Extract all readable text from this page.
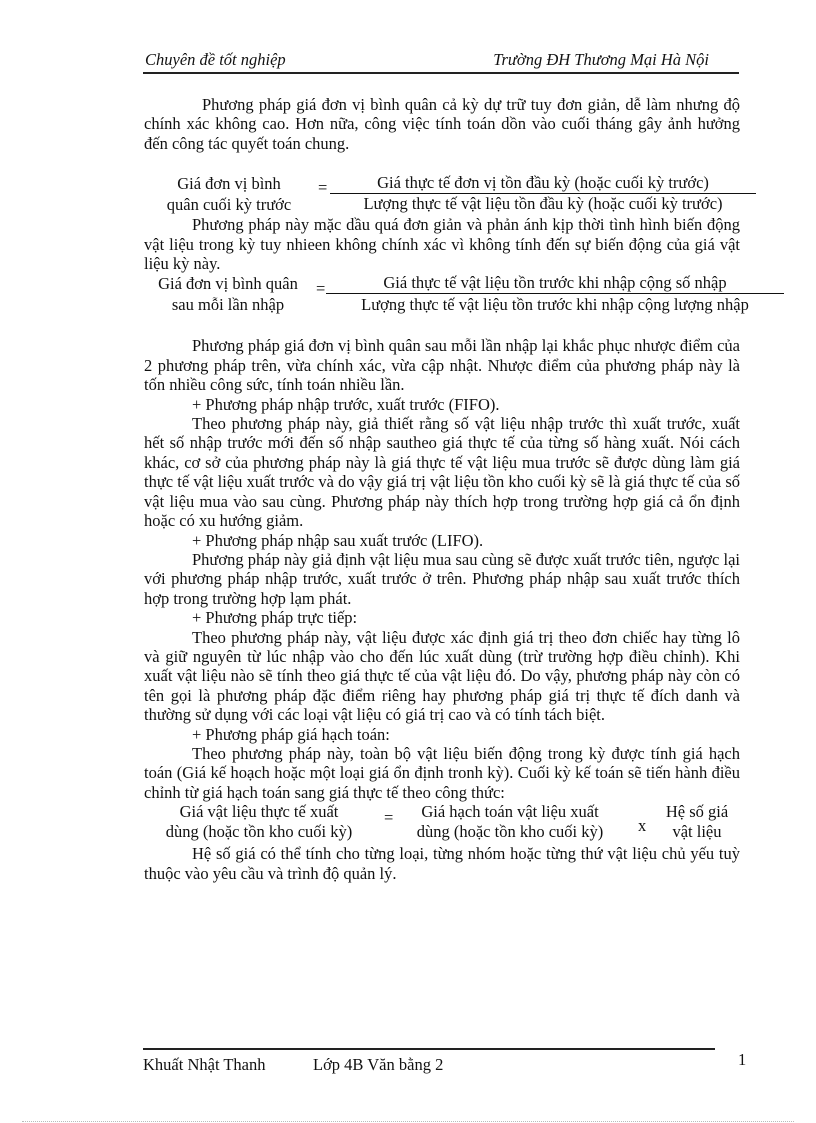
Chuyên đề tốt nghiệp	Trường ĐH Thương Mại Hà Nội

Phương pháp giá đơn vị bình quân cả kỳ dự trữ tuy đơn giản, dễ làm nhưng độ chính xác không cao. Hơn nữa, công việc tính toán dồn vào cuối tháng gây ảnh hưởng đến công tác quyết toán chung.

Giá đơn vị bình
quân cuối kỳ trước
=	Giá thực tế đơn vị tồn đầu kỳ (hoặc cuối kỳ trước)
Lượng thực tế vật liệu tồn đầu kỳ (hoặc cuối kỳ trước)

Phương pháp này mặc dầu quá đơn giản và phản ánh kịp thời tình hình biến động vật liệu trong kỳ tuy nhieen không chính xác vì không tính đến sự biến động của giá vật liệu kỳ này.

Giá đơn vị bình quân
sau mỗi lần nhập
=	Giá thực tế vật liệu tồn trước khi nhập cộng số nhập
Lượng thực tế vật liệu tồn trước khi nhập cộng lượng nhập

Phương pháp giá đơn vị bình quân sau mỗi lần nhập lại khắc phục nhược điểm của 2 phương pháp trên, vừa chính xác, vừa cập nhật. Nhược điểm của phương pháp này là tốn nhiều công sức, tính toán nhiều lần.

+ Phương pháp nhập trước, xuất trước (FIFO).

Theo phương pháp này, giả thiết rằng số vật liệu nhập trước thì xuất trước, xuất hết số nhập trước mới đến số nhập sautheo giá thực tế của từng số hàng xuất. Nói cách khác, cơ sở của phương pháp này là giá thực tế vật liệu mua trước sẽ được dùng làm giá thực tế vật liệu xuất trước và do vậy giá trị vật liệu tồn kho cuối kỳ sẽ là giá thực tế của số vật liệu mua vào sau cùng. Phương pháp này thích hợp trong trường hợp giá cả ổn định hoặc có xu hướng giảm.

+ Phương pháp nhập sau xuất trước (LIFO).

Phương pháp này giả định vật liệu mua sau cùng sẽ được xuất trước tiên, ngược lại với phương pháp nhập trước, xuất trước ở trên. Phương pháp nhập sau xuất trước thích hợp trong trường hợp lạm phát.

+ Phương pháp trực tiếp:

Theo phương pháp này, vật liệu được xác định giá trị theo đơn chiếc hay từng lô và giữ nguyên từ lúc nhập vào cho đến lúc xuất dùng (trừ trường hợp điều chỉnh). Khi xuất vật liệu nào sẽ tính theo giá thực tế của vật liệu đó. Do vậy, phương pháp này còn có tên gọi là phương pháp đặc điểm riêng hay phương pháp giá trị thực tế đích danh và thường sử dụng với các loại vật liệu có giá trị cao và có tính tách biệt.

+ Phương pháp giá hạch toán:

Theo phương pháp này, toàn bộ vật liệu biến động trong kỳ được tính giá hạch toán (Giá kế hoạch hoặc một loại giá ổn định tronh kỳ). Cuối kỳ kế toán sẽ tiến hành điều chỉnh từ giá hạch toán sang giá thực tế theo công thức:

Giá vật liệu thực tế xuất
dùng (hoặc tồn kho cuối kỳ)
=	Giá hạch toán vật liệu xuất
dùng (hoặc tồn kho cuối kỳ)	x
Hệ số giá
vật liệu

Hệ số giá có thể tính cho từng loại, từng nhóm hoặc từng thứ vật liệu chủ yếu tuỳ thuộc vào yêu cầu và trình độ quản lý.

Khuất Nhật Thanh	Lớp 4B Văn bằng 2	1
